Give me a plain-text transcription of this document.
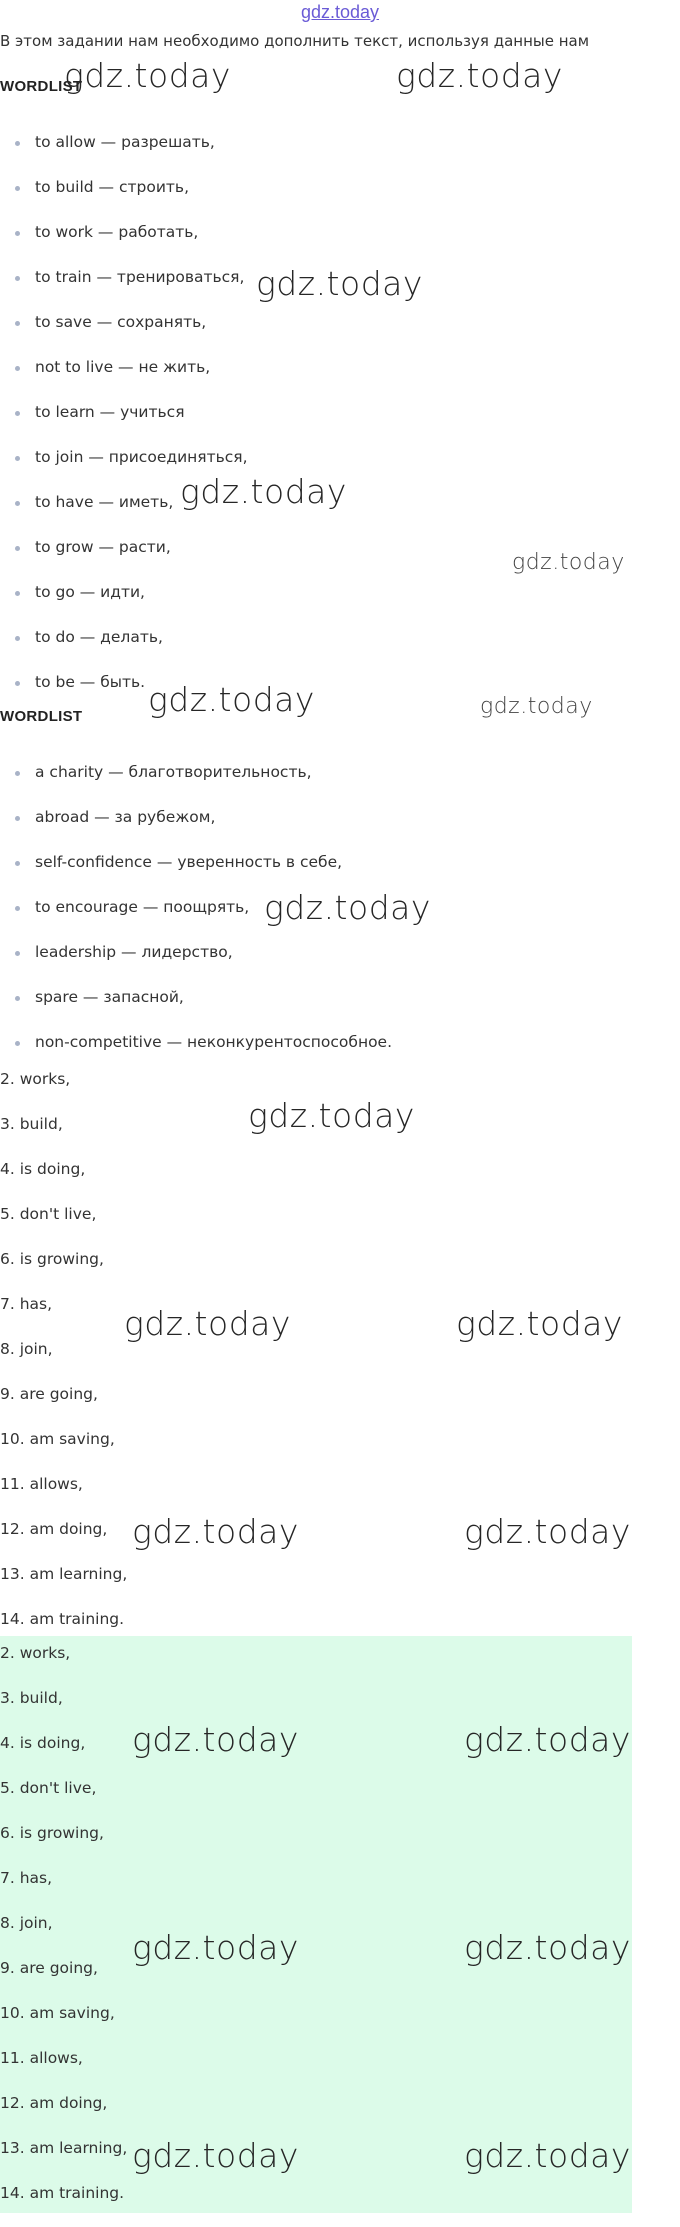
gdz.today
В этом задании нам необходимо дополнить текст, используя данные нам
WORDLIST
to allow — разрешать,
to build — строить,
to work — работать,
to train — тренироваться,
to save — сохранять,
not to live — не жить,
to learn — учиться
to join — присоединяться,
to have — иметь,
to grow — расти,
to go — идти,
to do — делать,
to be — быть.
WORDLIST
a charity — благотворительность,
abroad — за рубежом,
self-confidence — уверенность в себе,
to encourage — поощрять,
leadership — лидерство,
spare — запасной,
non-competitive — неконкурентоспособное.
2. works,
3. build,
4. is doing,
5. don't live,
6. is growing,
7. has,
8. join,
9. are going,
10. am saving,
11. allows,
12. am doing,
13. am learning,
14. am training.
2. works,
3. build,
4. is doing,
5. don't live,
6. is growing,
7. has,
8. join,
9. are going,
10. am saving,
11. allows,
12. am doing,
13. am learning,
14. am training.
gdz.today	gdz.today
gdz.today
gdz.today
gdz.today
gdz.today	gdz.today
gdz.today
gdz.today
gdz.today	gdz.today
gdz.today	gdz.today
gdz.today	gdz.today
gdz.today	gdz.today
gdz.today	gdz.today
